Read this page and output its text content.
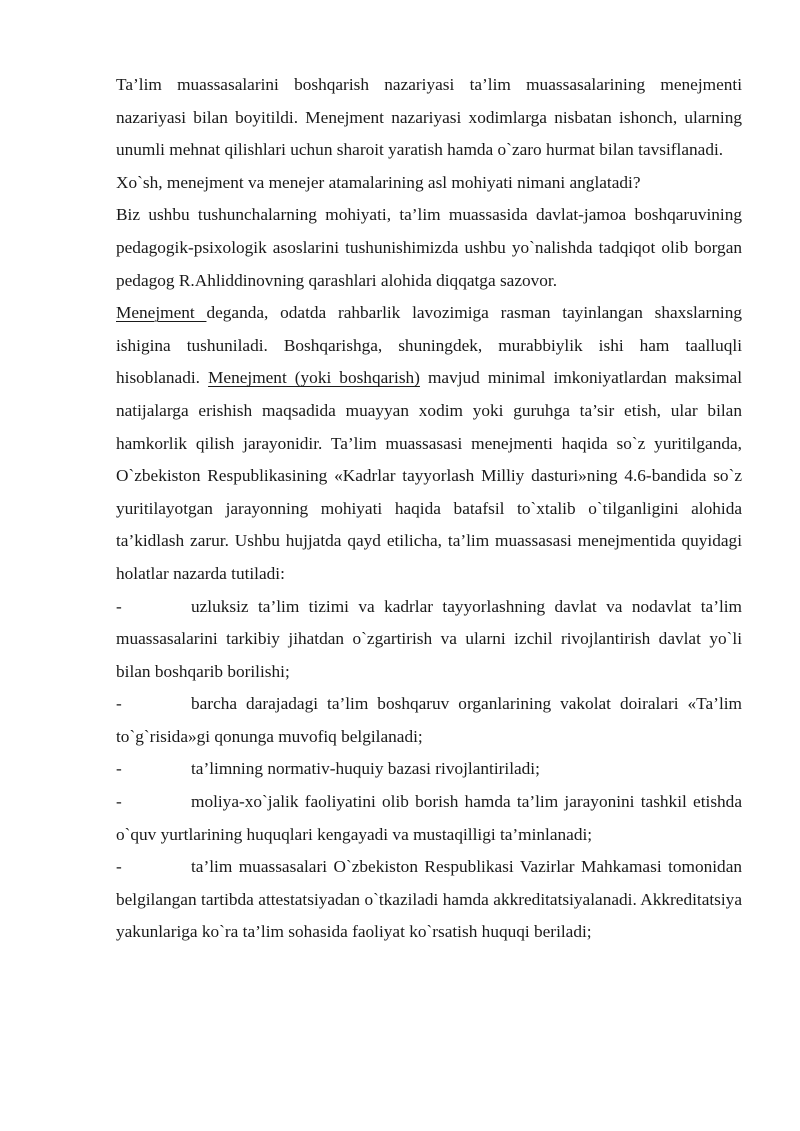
Ta’lim muassasalarini boshqarish nazariyasi ta’lim muassasalarining menejmenti nazariyasi bilan boyitildi. Menejment nazariyasi xodimlarga nisbatan ishonch, ularning unumli mehnat qilishlari uchun sharoit yaratish hamda o`zaro hurmat bilan tavsiflanadi.

Xo`sh, menejment va menejer atamalarining asl mohiyati nimani anglatadi?

Biz ushbu tushunchalarning mohiyati, ta’lim muassasida davlat-jamoa boshqaruvining pedagogik-psixologik asoslarini tushunishimizda ushbu yo`nalishda tadqiqot olib borgan pedagog R.Ahliddinovning qarashlari alohida diqqatga sazovor.

Menejment deganda, odatda rahbarlik lavozimiga rasman tayinlangan shaxslarning ishigina tushuniladi. Boshqarishga, shuningdek, murabbiylik ishi ham taalluqli hisoblanadi. Menejment (yoki boshqarish) mavjud minimal imkoniyatlardan maksimal natijalarga erishish maqsadida muayyan xodim yoki guruhga ta’sir etish, ular bilan hamkorlik qilish jarayonidir. Ta’lim muassasasi menejmenti haqida so`z yuritilganda, O`zbekiston Respublikasining «Kadrlar tayyorlash Milliy dasturi»ning 4.6-bandida so`z yuritilayotgan jarayonning mohiyati haqida batafsil to`xtalib o`tilganligini alohida ta’kidlash zarur. Ushbu hujjatda qayd etilicha, ta’lim muassasasi menejmentida quyidagi holatlar nazarda tutiladi:

-	uzluksiz ta’lim tizimi va kadrlar tayyorlashning davlat va nodavlat ta’lim muassasalarini tarkibiy jihatdan o`zgartirish va ularni izchil rivojlantirish davlat yo`li bilan boshqarib borilishi;

-	barcha darajadagi ta’lim boshqaruv organlarining vakolat doiralari «Ta’lim to`g`risida»gi qonunga muvofiq belgilanadi;

-	ta’limning normativ-huquiy bazasi rivojlantiriladi;

-	moliya-xo`jalik faoliyatini olib borish hamda ta’lim jarayonini tashkil etishda o`quv yurtlarining huquqlari kengayadi va mustaqilligi ta’minlanadi;

-	ta’lim muassasalari O`zbekiston Respublikasi Vazirlar Mahkamasi tomonidan belgilangan tartibda attestatsiyadan o`tkaziladi hamda akkreditatsiyalanadi. Akkreditatsiya yakunlariga ko`ra ta’lim sohasida faoliyat ko`rsatish huquqi beriladi;
